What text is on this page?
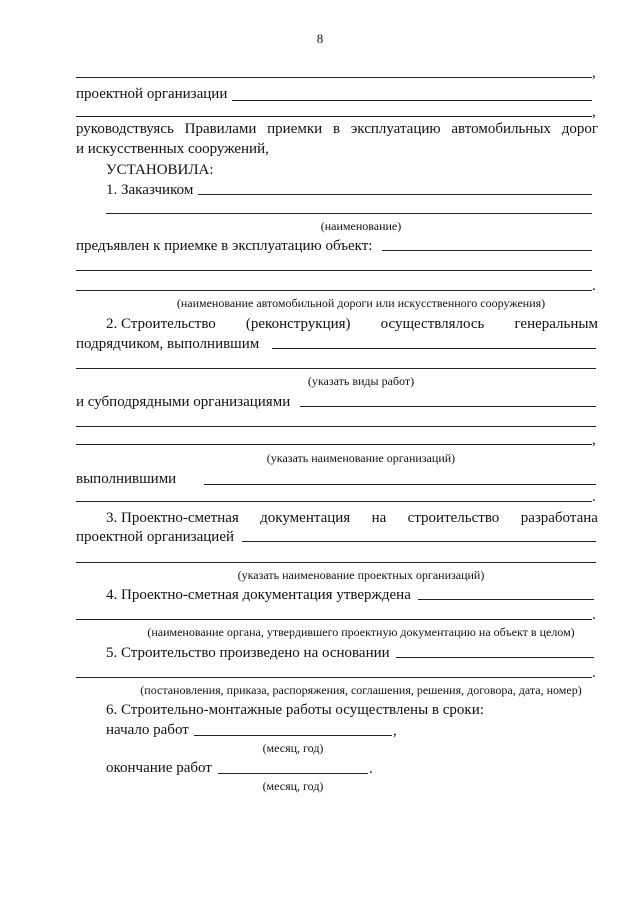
8
,
проектной организации
,
руководствуясь Правилами приемки в эксплуатацию автомобильных дорог
и искусственных сооружений,
УСТАНОВИЛА:
1. Заказчиком
(наименование)
предъявлен к приемке в эксплуатацию объект:
.
(наименование автомобильной дороги или искусственного сооружения)
2. Строительство (реконструкция) осуществлялось генеральным
подрядчиком, выполнившим
(указать виды работ)
и субподрядными организациями
,
(указать наименование организаций)
выполнившими
.
3. Проектно-сметная документация на строительство разработана
проектной организацией
(указать наименование проектных организаций)
4. Проектно-сметная документация утверждена
.
(наименование органа, утвердившего проектную документацию на объект в целом)
5. Строительство произведено на основании
.
(постановления, приказа, распоряжения, соглашения, решения, договора, дата, номер)
6. Строительно-монтажные работы осуществлены в сроки:
начало работ	,
(месяц, год)
окончание работ	.
(месяц, год)
